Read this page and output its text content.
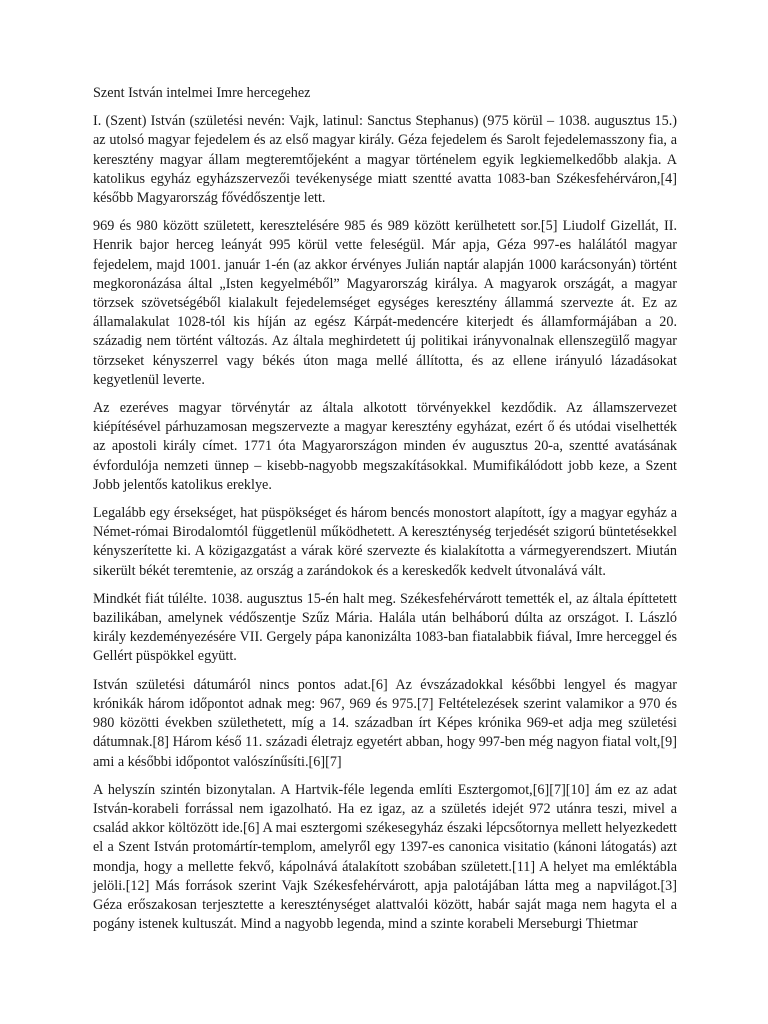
Szent István intelmei Imre hercegehez

I. (Szent) István (születési nevén: Vajk, latinul: Sanctus Stephanus) (975 körül – 1038. augusztus 15.) az utolsó magyar fejedelem és az első magyar király. Géza fejedelem és Sarolt fejedelemasszony fia, a keresztény magyar állam megteremtőjeként a magyar történelem egyik legkiemelkedőbb alakja. A katolikus egyház egyházszervezői tevékenysége miatt szentté avatta 1083-ban Székesfehérváron,[4] később Magyarország fővédőszentje lett.

969 és 980 között született, keresztelésére 985 és 989 között kerülhetett sor.[5] Liudolf Gizellát, II. Henrik bajor herceg leányát 995 körül vette feleségül. Már apja, Géza 997-es halálától magyar fejedelem, majd 1001. január 1-én (az akkor érvényes Julián naptár alapján 1000 karácsonyán) történt megkoronázása által „Isten kegyelméből” Magyarország királya. A magyarok országát, a magyar törzsek szövetségéből kialakult fejedelemséget egységes keresztény állammá szervezte át. Ez az államalakulat 1028-tól kis híján az egész Kárpát-medencére kiterjedt és államformájában a 20. századig nem történt változás. Az általa meghirdetett új politikai irányvonalnak ellenszegülő magyar törzseket kényszerrel vagy békés úton maga mellé állította, és az ellene irányuló lázadásokat kegyetlenül leverte.

Az ezeréves magyar törvénytár az általa alkotott törvényekkel kezdődik. Az államszervezet kiépítésével párhuzamosan megszervezte a magyar keresztény egyházat, ezért ő és utódai viselhették az apostoli király címet. 1771 óta Magyarországon minden év augusztus 20-a, szentté avatásának évfordulója nemzeti ünnep – kisebb-nagyobb megszakításokkal. Mumifikálódott jobb keze, a Szent Jobb jelentős katolikus ereklye.

Legalább egy érsekséget, hat püspökséget és három bencés monostort alapított, így a magyar egyház a Német-római Birodalomtól függetlenül működhetett. A kereszténység terjedését szigorú büntetésekkel kényszerítette ki. A közigazgatást a várak köré szervezte és kialakította a vármegyerendszert. Miután sikerült békét teremtenie, az ország a zarándokok és a kereskedők kedvelt útvonalává vált.

Mindkét fiát túlélte. 1038. augusztus 15-én halt meg. Székesfehérvárott temették el, az általa építtetett bazilikában, amelynek védőszentje Szűz Mária. Halála után belháború dúlta az országot. I. László király kezdeményezésére VII. Gergely pápa kanonizálta 1083-ban fiatalabbik fiával, Imre herceggel és Gellért püspökkel együtt.

István születési dátumáról nincs pontos adat.[6] Az évszázadokkal későbbi lengyel és magyar krónikák három időpontot adnak meg: 967, 969 és 975.[7] Feltételezések szerint valamikor a 970 és 980 közötti években születhetett, míg a 14. században írt Képes krónika 969-et adja meg születési dátumnak.[8] Három késő 11. századi életrajz egyetért abban, hogy 997-ben még nagyon fiatal volt,[9] ami a későbbi időpontot valószínűsíti.[6][7]

A helyszín szintén bizonytalan. A Hartvik-féle legenda említi Esztergomot,[6][7][10] ám ez az adat István-korabeli forrással nem igazolható. Ha ez igaz, az a születés idejét 972 utánra teszi, mivel a család akkor költözött ide.[6] A mai esztergomi székesegyház északi lépcsőtornya mellett helyezkedett el a Szent István protomártír-templom, amelyről egy 1397-es canonica visitatio (kánoni látogatás) azt mondja, hogy a mellette fekvő, kápolnává átalakított szobában született.[11] A helyet ma emléktábla jelöli.[12] Más források szerint Vajk Székesfehérvárott, apja palotájában látta meg a napvilágot.[3] Géza erőszakosan terjesztette a kereszténységet alattvalói között, habár saját maga nem hagyta el a pogány istenek kultuszát. Mind a nagyobb legenda, mind a szinte korabeli Merseburgi Thietmar
